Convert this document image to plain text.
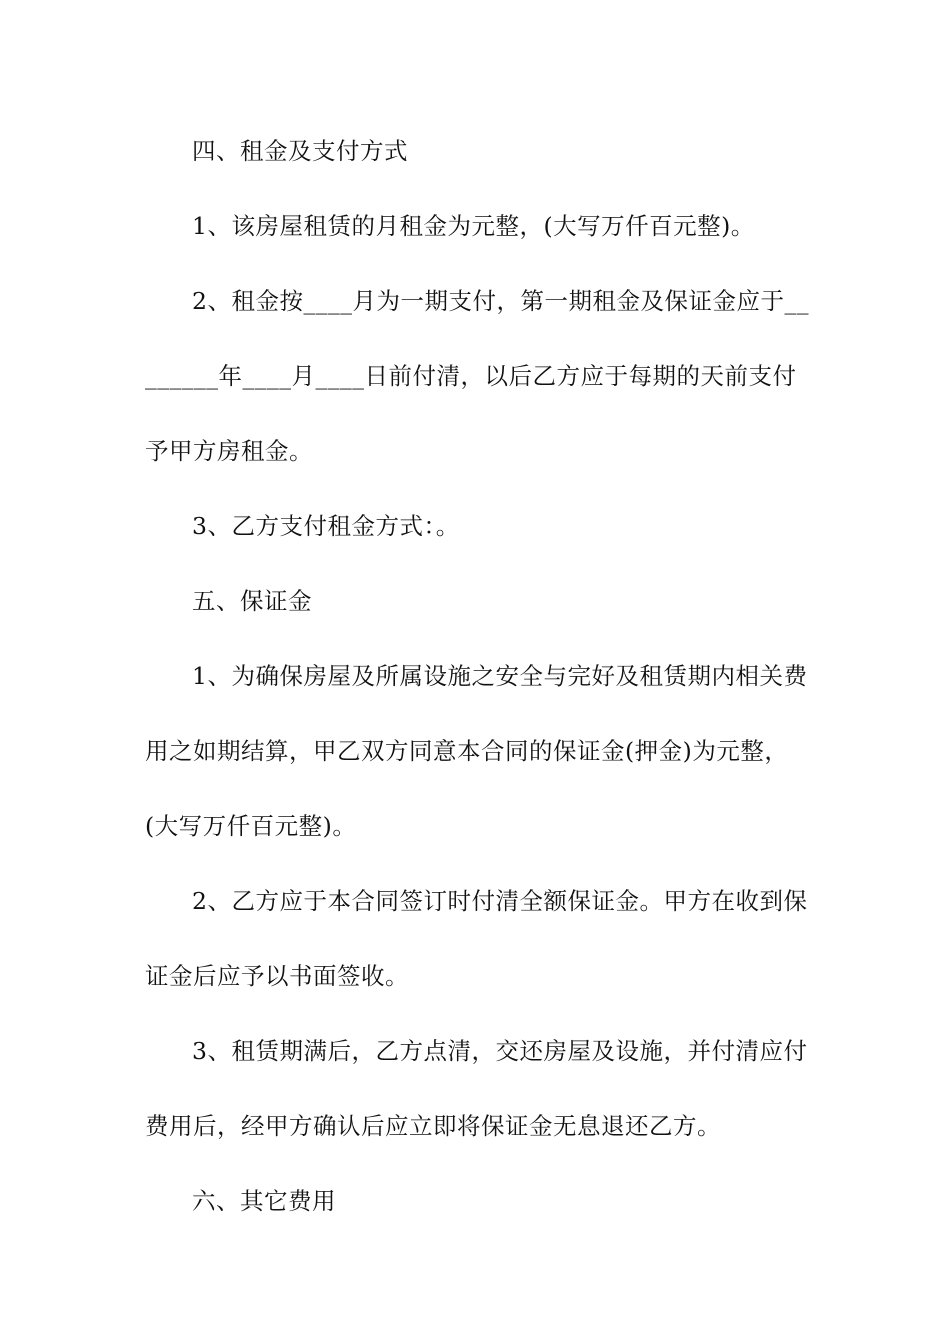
四、租金及支付方式
1、该房屋租赁的月租金为元整，(大写万仟百元整)。
2、租金按____月为一期支付，第一期租金及保证金应于__
______年____月____日前付清，以后乙方应于每期的天前支付
予甲方房租金。
3、乙方支付租金方式：。
五、保证金
1、为确保房屋及所属设施之安全与完好及租赁期内相关费
用之如期结算，甲乙双方同意本合同的保证金(押金)为元整，
(大写万仟百元整)。
2、乙方应于本合同签订时付清全额保证金。甲方在收到保
证金后应予以书面签收。
3、租赁期满后，乙方点清，交还房屋及设施，并付清应付
费用后，经甲方确认后应立即将保证金无息退还乙方。
六、其它费用
